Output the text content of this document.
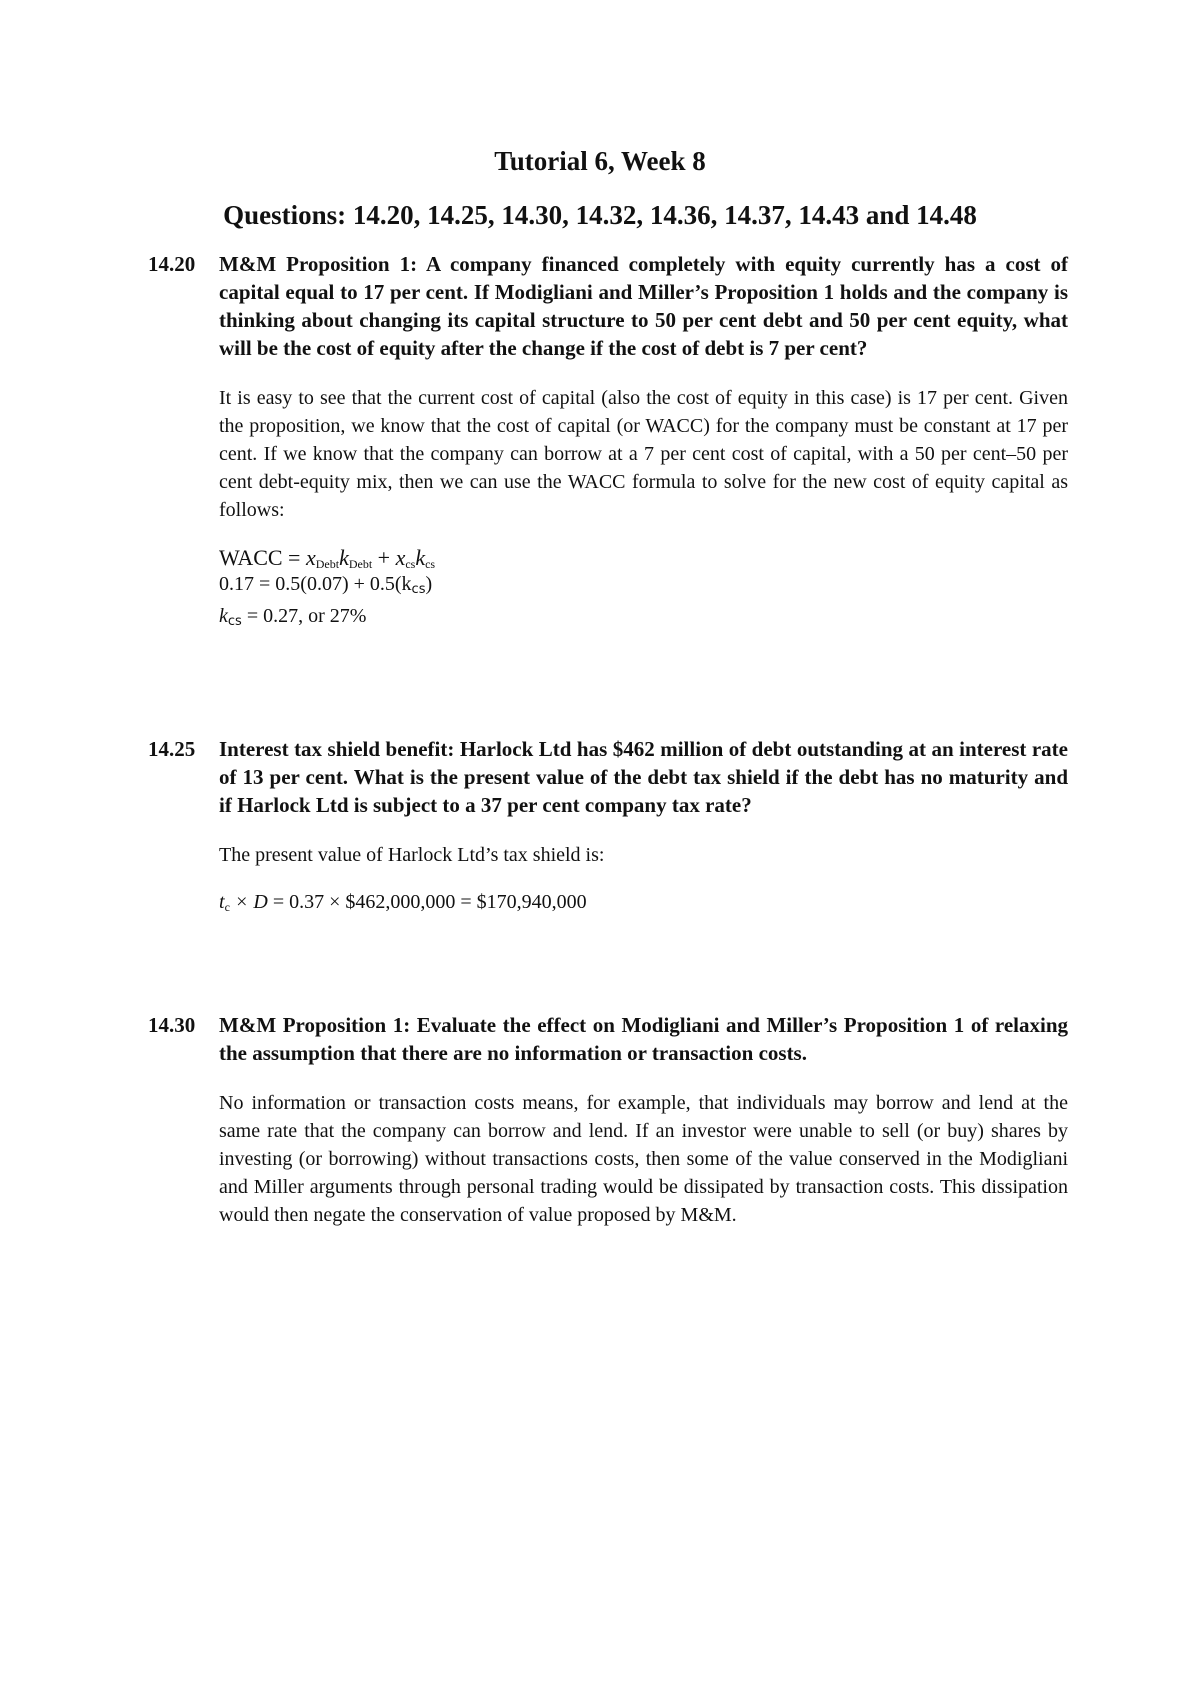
Tutorial 6, Week 8
Questions: 14.20, 14.25, 14.30, 14.32, 14.36, 14.37, 14.43 and 14.48
14.20 M&M Proposition 1: A company financed completely with equity currently has a cost of capital equal to 17 per cent. If Modigliani and Miller’s Proposition 1 holds and the company is thinking about changing its capital structure to 50 per cent debt and 50 per cent equity, what will be the cost of equity after the change if the cost of debt is 7 per cent?
It is easy to see that the current cost of capital (also the cost of equity in this case) is 17 per cent. Given the proposition, we know that the cost of capital (or WACC) for the company must be constant at 17 per cent. If we know that the company can borrow at a 7 per cent cost of capital, with a 50 per cent–50 per cent debt-equity mix, then we can use the WACC formula to solve for the new cost of equity capital as follows:
WACC = $x_{Debt}k_{Debt} + x_{cs}k_{cs}$
0.17 = 0.5(0.07) + 0.5(kcs)
kcs = 0.27, or 27%
14.25 Interest tax shield benefit: Harlock Ltd has $462 million of debt outstanding at an interest rate of 13 per cent. What is the present value of the debt tax shield if the debt has no maturity and if Harlock Ltd is subject to a 37 per cent company tax rate?
The present value of Harlock Ltd’s tax shield is:
$t_c \times D = 0.37$ × $462,000,000 = $170,940,000
14.30 M&M Proposition 1: Evaluate the effect on Modigliani and Miller’s Proposition 1 of relaxing the assumption that there are no information or transaction costs.
No information or transaction costs means, for example, that individuals may borrow and lend at the same rate that the company can borrow and lend. If an investor were unable to sell (or buy) shares by investing (or borrowing) without transactions costs, then some of the value conserved in the Modigliani and Miller arguments through personal trading would be dissipated by transaction costs. This dissipation would then negate the conservation of value proposed by M&M.
